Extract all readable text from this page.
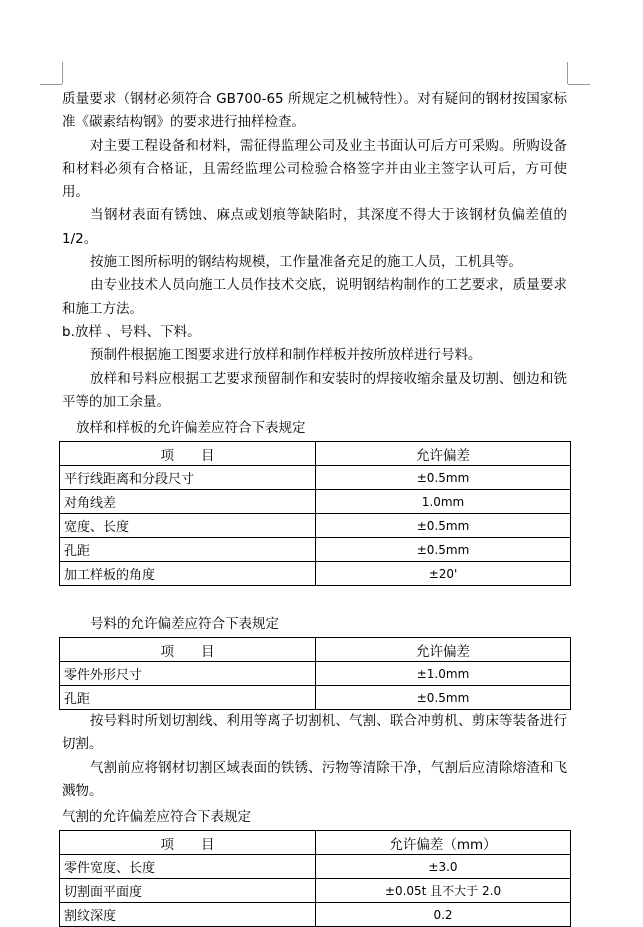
质量要求（钢材必须符合 GB700-65 所规定之机械特性）。对有疑问的钢材按国家标准《碳素结构钢》的要求进行抽样检查。

对主要工程设备和材料，需征得监理公司及业主书面认可后方可采购。所购设备和材料必须有合格证，且需经监理公司检验合格签字并由业主签字认可后，方可使用。

当钢材表面有锈蚀、麻点或划痕等缺陷时，其深度不得大于该钢材负偏差值的 1/2。

按施工图所标明的钢结构规模，工作量准备充足的施工人员，工机具等。

由专业技术人员向施工人员作技术交底，说明钢结构制作的工艺要求，质量要求和施工方法。

b.放样 、号料、下料。

预制件根据施工图要求进行放样和制作样板并按所放样进行号料。

放样和号料应根据工艺要求预留制作和安装时的焊接收缩余量及切割、刨边和铣平等的加工余量。

放样和样板的允许偏差应符合下表规定
项　　目	允许偏差
平行线距离和分段尺寸	±0.5mm
对角线差	1.0mm
宽度、长度	±0.5mm
孔距	±0.5mm
加工样板的角度	±20'
号料的允许偏差应符合下表规定
项　　目	允许偏差
零件外形尺寸	±1.0mm
孔距	±0.5mm

按号料时所划切割线、利用等离子切割机、气割、联合冲剪机、剪床等装备进行切割。

气割前应将钢材切割区域表面的铁锈、污物等清除干净，气割后应清除熔渣和飞溅物。

气割的允许偏差应符合下表规定
项　　目	允许偏差（mm）
零件宽度、长度	±3.0
切割面平面度	±0.05t 且不大于 2.0
割纹深度	0.2
